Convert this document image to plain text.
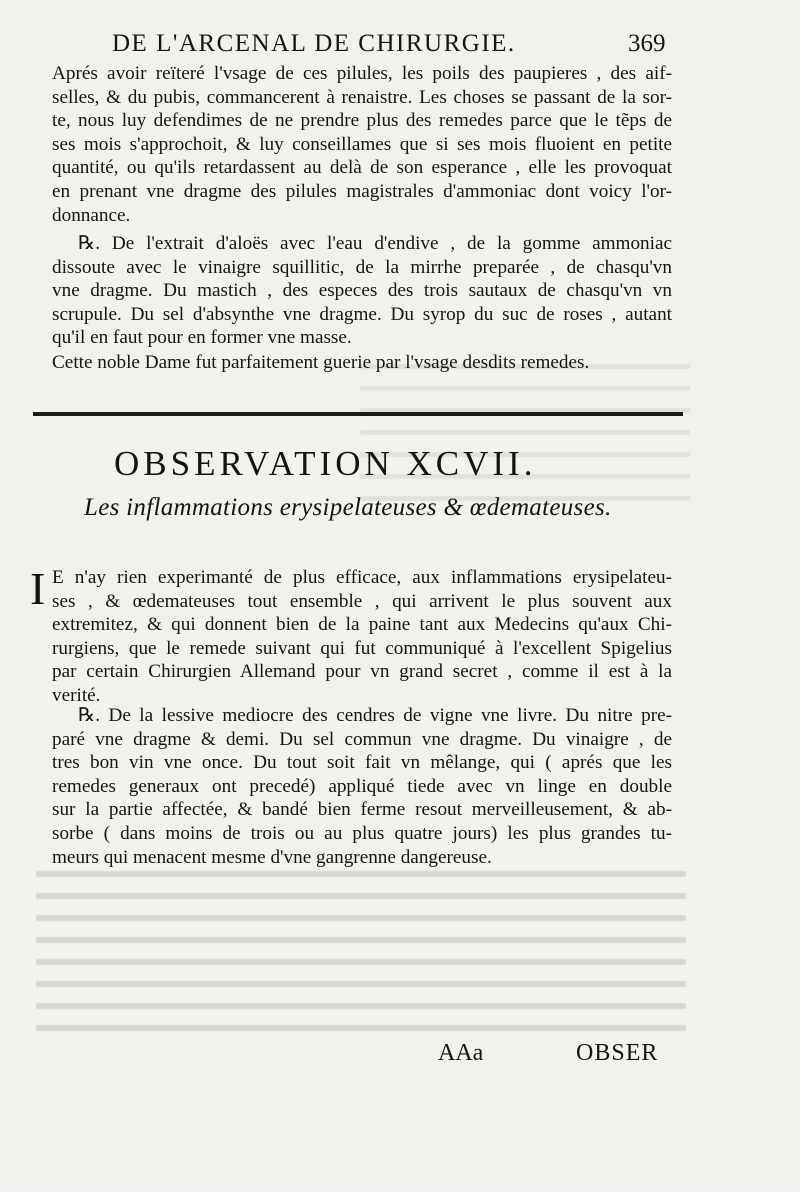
DE L'ARCENAL DE CHIRURGIE.	369
Aprés avoir reïteré l'vsage de ces pilules, les poils des paupieres , des aif-
selles, & du pubis, commancerent à renaistre. Les choses se passant de la sor-
te, nous luy defendimes de ne prendre plus des remedes parce que le tẽps de
ses mois s'approchoit, & luy conseillames que si ses mois fluoient en petite
quantité, ou qu'ils retardassent au delà de son esperance , elle les provoquat
en prenant vne dragme des pilules magistrales d'ammoniac dont voicy l'or-
donnance.
℞. De l'extrait d'aloës avec l'eau d'endive , de la gomme ammoniac
dissoute avec le vinaigre squillitic, de la mirrhe preparée , de chasqu'vn
vne dragme. Du mastich , des especes des trois sautaux de chasqu'vn vn
scrupule. Du sel d'absynthe vne dragme. Du syrop du suc de roses , autant
qu'il en faut pour en former vne masse.
Cette noble Dame fut parfaitement guerie par l'vsage desdits remedes.
OBSERVATION XCVII.
Les inflammations erysipelateuses & œdemateuses.
I E n'ay rien experimanté de plus efficace, aux inflammations erysipelateu-
ses , & œdemateuses tout ensemble , qui arrivent le plus souvent aux
extremitez, & qui donnent bien de la paine tant aux Medecins qu'aux Chi-
rurgiens, que le remede suivant qui fut communiqué à l'excellent Spigelius
par certain Chirurgien Allemand pour vn grand secret , comme il est à la
verité.
℞. De la lessive mediocre des cendres de vigne vne livre. Du nitre pre-
paré vne dragme & demi. Du sel commun vne dragme. Du vinaigre , de
tres bon vin vne once. Du tout soit fait vn mêlange, qui ( aprés que les
remedes generaux ont precedé) appliqué tiede avec vn linge en double
sur la partie affectée, & bandé bien ferme resout merveilleusement, & ab-
sorbe ( dans moins de trois ou au plus quatre jours) les plus grandes tu-
meurs qui menacent mesme d'vne gangrenne dangereuse.
AAa	OBSER
